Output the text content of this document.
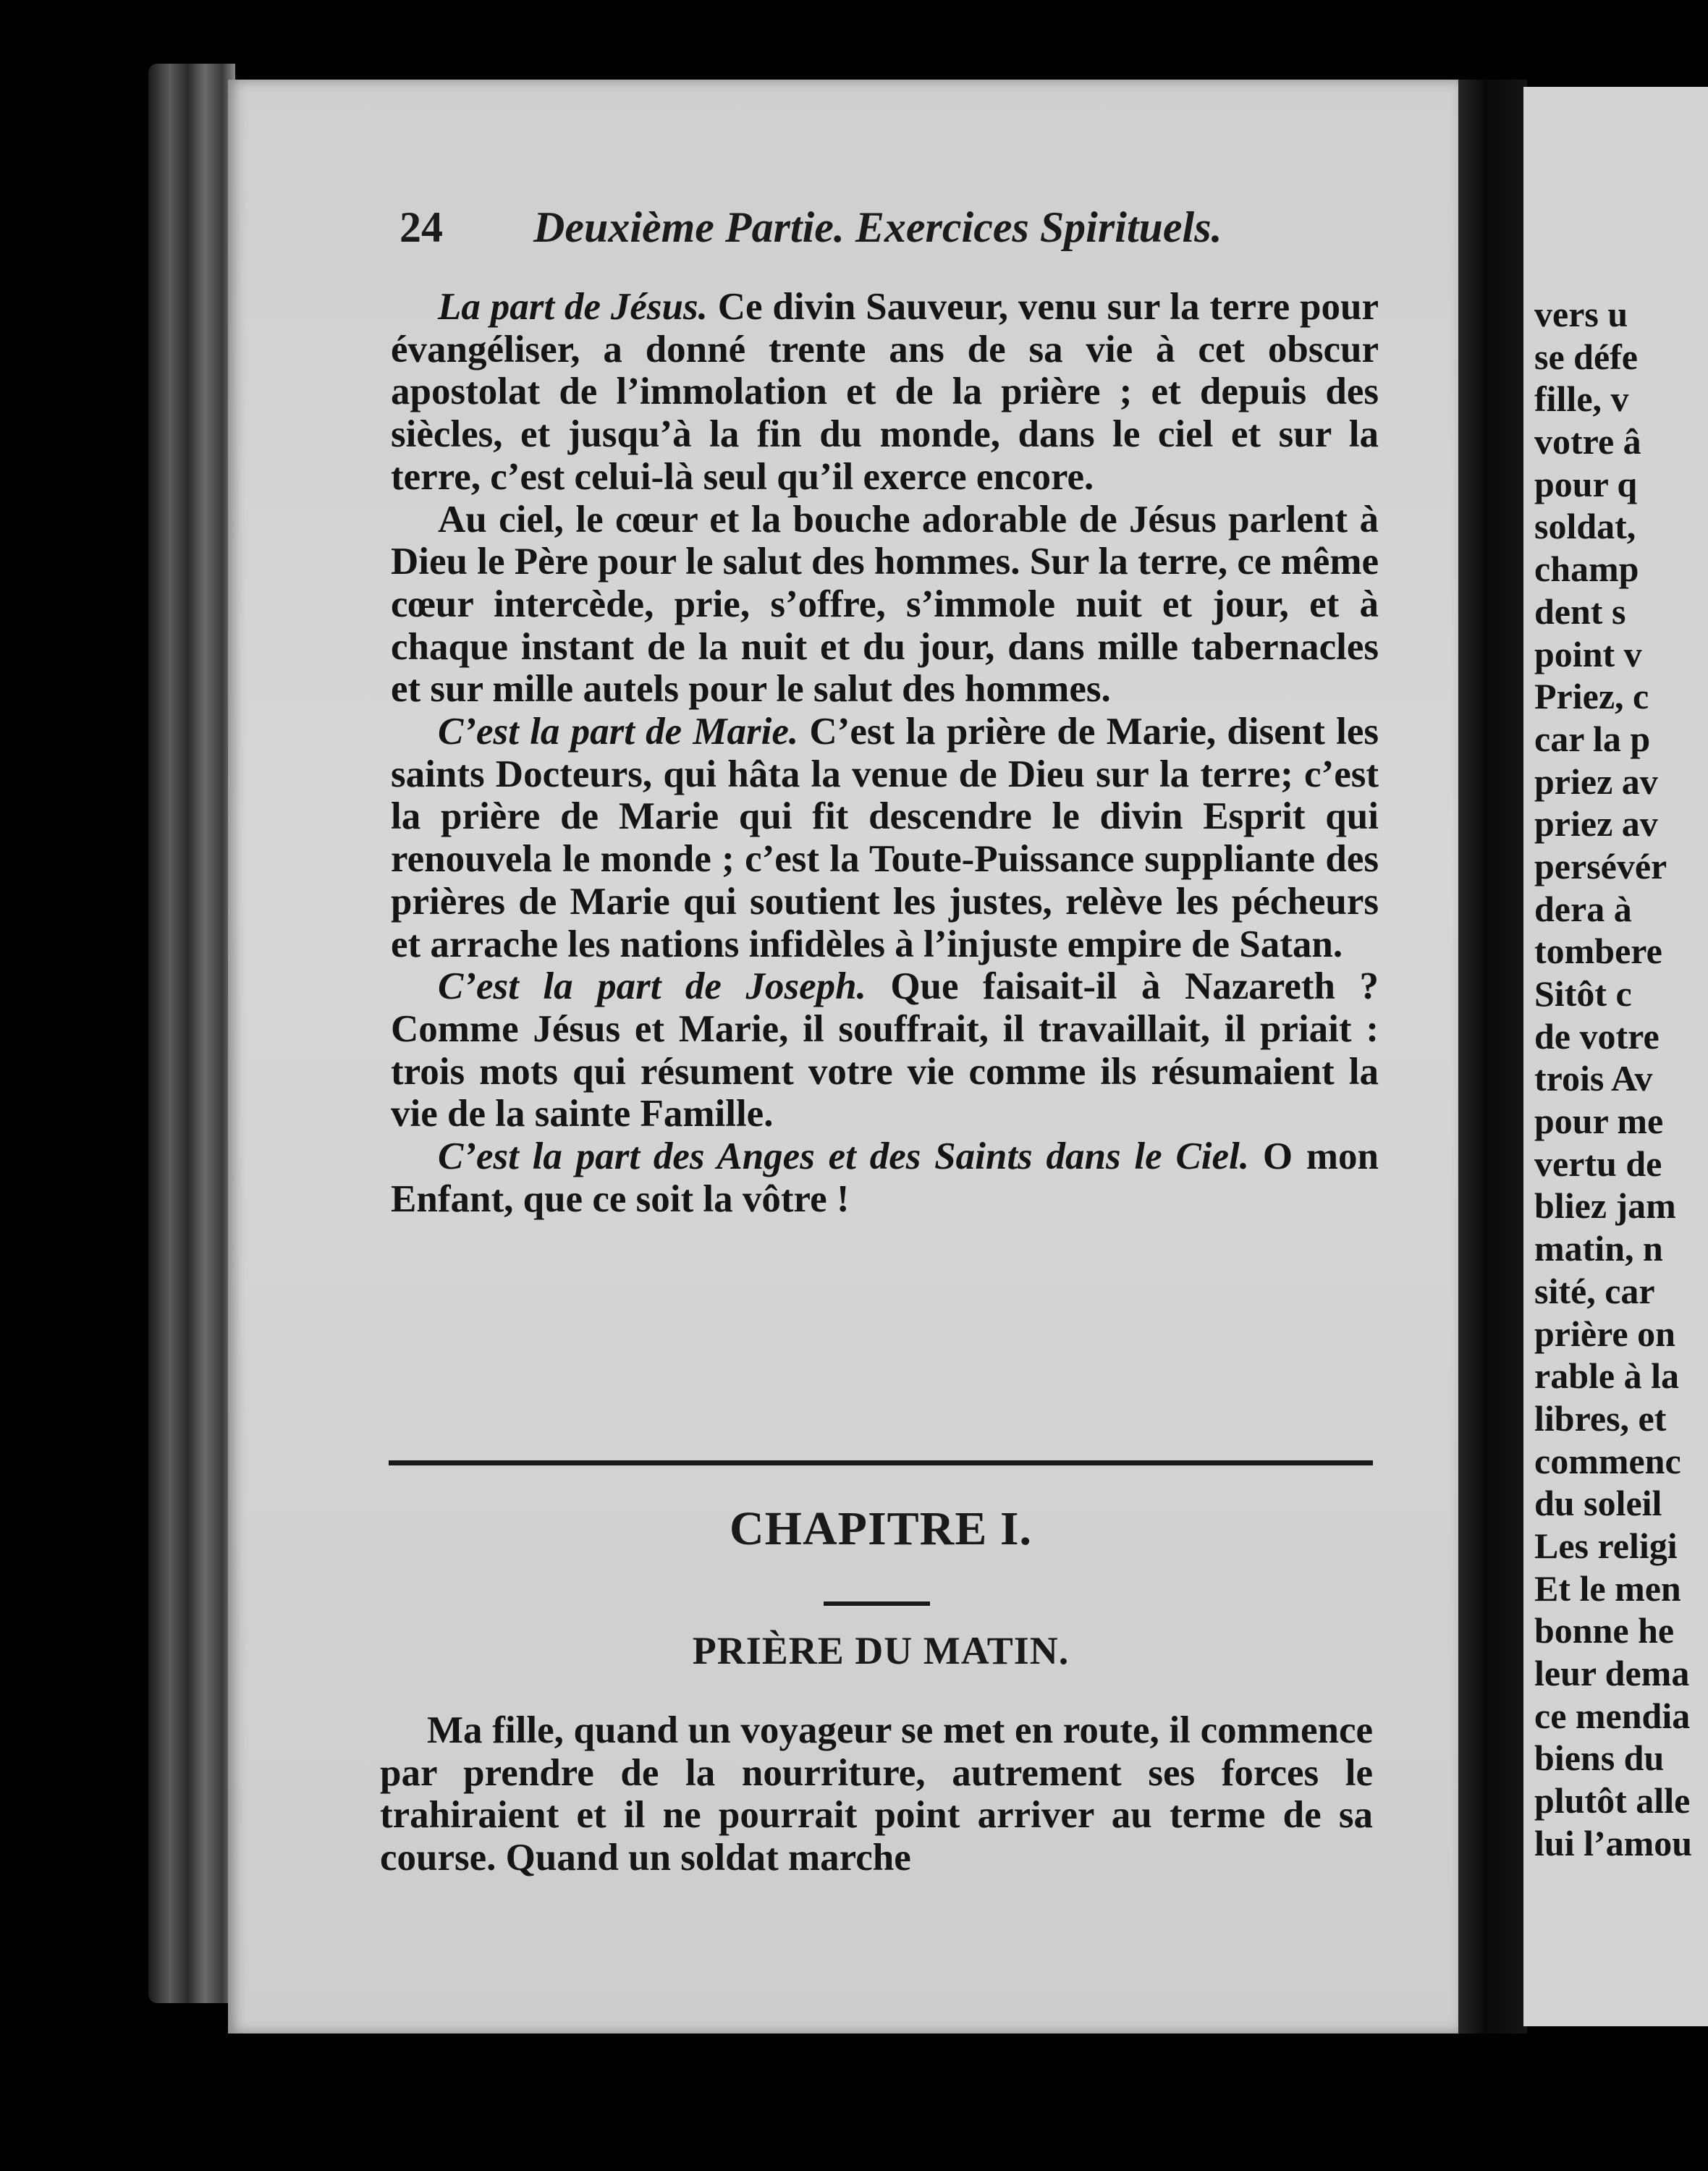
24 Deuxième Partie. Exercices Spirituels.

La part de Jésus. Ce divin Sauveur, venu sur la terre pour évangéliser, a donné trente ans de sa vie à cet obscur apostolat de l’immolation et de la prière ; et depuis des siècles, et jusqu’à la fin du monde, dans le ciel et sur la terre, c’est celui-là seul qu’il exerce encore.

Au ciel, le cœur et la bouche adorable de Jésus parlent à Dieu le Père pour le salut des hommes. Sur la terre, ce même cœur intercède, prie, s’offre, s’immole nuit et jour, et à chaque instant de la nuit et du jour, dans mille tabernacles et sur mille autels pour le salut des hommes.

C’est la part de Marie. C’est la prière de Marie, disent les saints Docteurs, qui hâta la venue de Dieu sur la terre; c’est la prière de Marie qui fit descendre le divin Esprit qui renouvela le monde ; c’est la Toute-Puissance suppliante des prières de Marie qui soutient les justes, relève les pécheurs et arrache les nations infidèles à l’injuste empire de Satan.

C’est la part de Joseph. Que faisait-il à Nazareth ? Comme Jésus et Marie, il souffrait, il travaillait, il priait : trois mots qui résument votre vie comme ils résumaient la vie de la sainte Famille.

C’est la part des Anges et des Saints dans le Ciel. O mon Enfant, que ce soit la vôtre !

CHAPITRE I.
PRIÈRE DU MATIN.

Ma fille, quand un voyageur se met en route, il commence par prendre de la nourriture, autrement ses forces le trahiraient et il ne pourrait point arriver au terme de sa course. Quand un soldat marche

vers u
se défe
fille, v
votre â
pour q
soldat,
champ
dent s
point v
Priez, c
car la p
priez av
priez av
persévér
dera à
tombere
Sitôt c
de votre
trois Av
pour me
vertu de
bliez jam
matin, n
sité, car
prière on
rable à la
libres, et
commenc
du soleil
Les religi
Et le men
bonne he
leur dema
ce mendia
biens du
plutôt alle
lui l’amou
